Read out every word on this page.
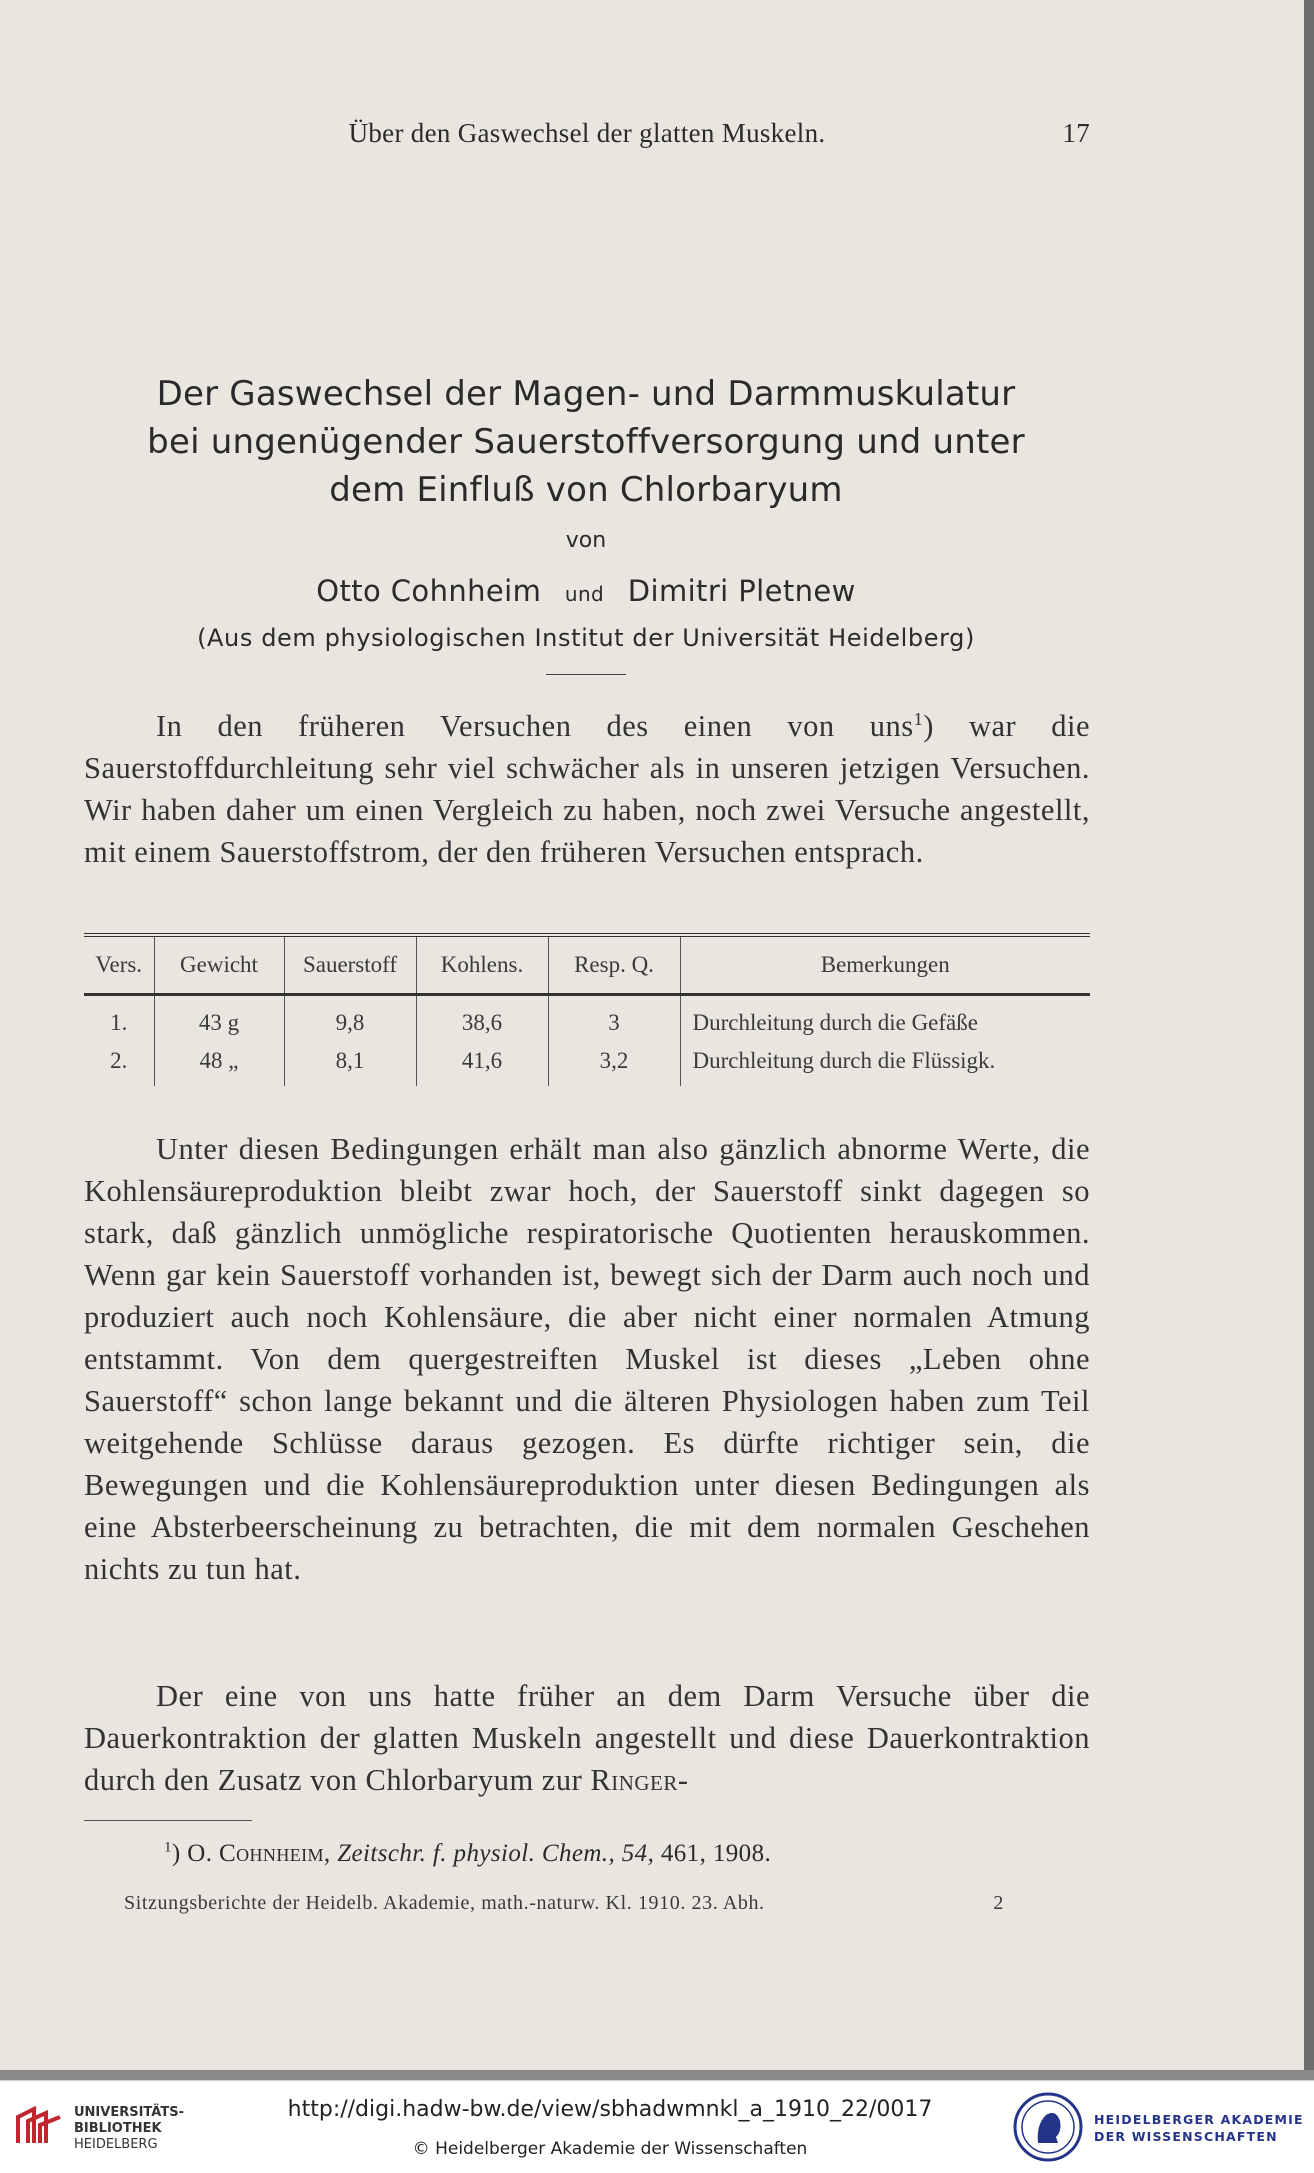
Über den Gaswechsel der glatten Muskeln.	17
Der Gaswechsel der Magen- und Darmmuskulatur
bei ungenügender Sauerstoffversorgung und unter
dem Einfluß von Chlorbaryum
von
Otto Cohnheim und Dimitri Pletnew
(Aus dem physiologischen Institut der Universität Heidelberg)
In den früheren Versuchen des einen von uns$^1$) war die Sauerstoffdurchleitung sehr viel schwächer als in unseren jetzigen Versuchen. Wir haben daher um einen Vergleich zu haben, noch zwei Versuche angestellt, mit einem Sauerstoffstrom, der den früheren Versuchen entsprach.
Vers.	Gewicht	Sauerstoff	Kohlens.	Resp. Q.	Bemerkungen
1.	43 g	9,8	38,6	3	Durchleitung durch die Gefäße
2.	48 „	8,1	41,6	3,2	Durchleitung durch die Flüssigk.
Unter diesen Bedingungen erhält man also gänzlich abnorme Werte, die Kohlensäureproduktion bleibt zwar hoch, der Sauerstoff sinkt dagegen so stark, daß gänzlich unmögliche respiratorische Quotienten herauskommen. Wenn gar kein Sauerstoff vorhanden ist, bewegt sich der Darm auch noch und produziert auch noch Kohlensäure, die aber nicht einer normalen Atmung entstammt. Von dem quergestreiften Muskel ist dieses „Leben ohne Sauerstoff“ schon lange bekannt und die älteren Physiologen haben zum Teil weitgehende Schlüsse daraus gezogen. Es dürfte richtiger sein, die Bewegungen und die Kohlensäureproduktion unter diesen Bedingungen als eine Absterbeerscheinung zu betrachten, die mit dem normalen Geschehen nichts zu tun hat.
Der eine von uns hatte früher an dem Darm Versuche über die Dauerkontraktion der glatten Muskeln angestellt und diese Dauerkontraktion durch den Zusatz von Chlorbaryum zur Ringer-
$^1$) O. Cohnheim, Zeitschr. f. physiol. Chem., 54, 461, 1908.
Sitzungsberichte der Heidelb. Akademie, math.-naturw. Kl. 1910. 23. Abh.	2
UNIVERSITÄTS-
BIBLIOTHEK
HEIDELBERG
http://digi.hadw-bw.de/view/sbhadwmnkl_a_1910_22/0017
© Heidelberger Akademie der Wissenschaften
HEIDELBERGER AKADEMIE
DER WISSENSCHAFTEN
